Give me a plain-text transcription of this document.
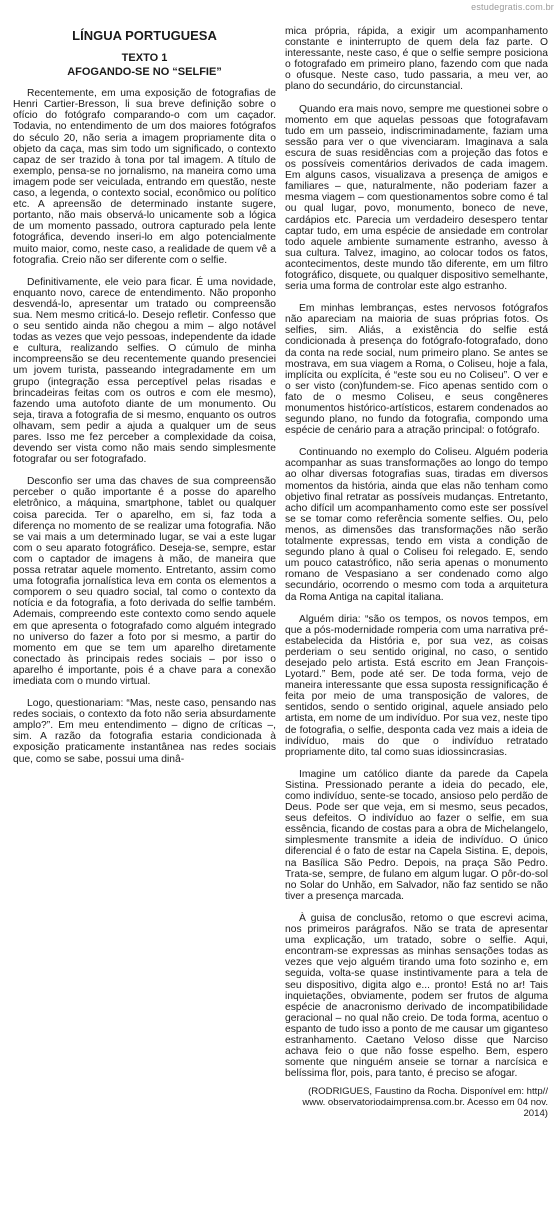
estudegratis.com.br
LÍNGUA PORTUGUESA
TEXTO 1
AFOGANDO-SE NO “SELFIE”

Recentemente, em uma exposição de fotografias de Henri Cartier-Bresson, li sua breve definição sobre o ofício do fotógrafo comparando-o com um caçador. Todavia, no entendimento de um dos maiores fotógrafos do século 20, não seria a imagem propriamente dita o objeto da caça, mas sim todo um significado, o contexto capaz de ser trazido à tona por tal imagem. A título de exemplo, pensa-se no jornalismo, na maneira como uma imagem pode ser veiculada, entrando em questão, neste caso, a legenda, o contexto social, econômico ou político etc. A apreensão de determinado instante sugere, portanto, não mais observá-lo unicamente sob a lógica de um momento passado, outrora capturado pela lente fotográfica, devendo inseri-lo em algo potencialmente muito maior, como, neste caso, a realidade de quem vê a fotografia. Creio não ser diferente com o selfie.

Definitivamente, ele veio para ficar. É uma novidade, enquanto novo, carece de entendimento. Não proponho desvendá-lo, apresentar um tratado ou compreensão sua. Nem mesmo criticá-lo. Desejo refletir. Confesso que o seu sentido ainda não chegou a mim – algo notável todas as vezes que vejo pessoas, independente da idade e cultura, realizando selfies. O cúmulo de minha incompreensão se deu recentemente quando presenciei um jovem turista, passeando integradamente em um grupo (integração essa perceptível pelas risadas e brincadeiras feitas com os outros e com ele mesmo), fazendo uma autofoto diante de um monumento. Ou seja, tirava a fotografia de si mesmo, enquanto os outros olhavam, sem pedir a ajuda a qualquer um de seus pares. Isso me fez perceber a complexidade da coisa, devendo ser vista como não mais sendo simplesmente fotografar ou ser fotografado.

Desconfio ser uma das chaves de sua compreensão perceber o quão importante é a posse do aparelho eletrônico, a máquina, smartphone, tablet ou qualquer coisa parecida. Ter o aparelho, em si, faz toda a diferença no momento de se realizar uma fotografia. Não se vai mais a um determinado lugar, se vai a este lugar com o seu aparato fotográfico. Deseja-se, sempre, estar com o captador de imagens à mão, de maneira que possa retratar aquele momento. Entretanto, assim como uma fotografia jornalística leva em conta os elementos a comporem o seu quadro social, tal como o contexto da notícia e da fotografia, a foto derivada do selfie também. Ademais, compreendo este contexto como sendo aquele em que apresenta o fotografado como alguém integrado no universo do fazer a foto por si mesmo, a partir do momento em que se tem um aparelho diretamente conectado às principais redes sociais – por isso o aparelho é importante, pois é a chave para a conexão imediata com o mundo virtual.

Logo, questionariam: “Mas, neste caso, pensando nas redes sociais, o contexto da foto não seria absurdamente amplo?”. Em meu entendimento – digno de críticas –, sim. A razão da fotografia estaria condicionada à exposição praticamente instantânea nas redes sociais que, como se sabe, possui uma dinâ-

mica própria, rápida, a exigir um acompanhamento constante e ininterrupto de quem dela faz parte. O interessante, neste caso, é que o selfie sempre posiciona o fotografado em primeiro plano, fazendo com que nada o ofusque. Neste caso, tudo passaria, a meu ver, ao plano do secundário, do circunstancial.

Quando era mais novo, sempre me questionei sobre o momento em que aquelas pessoas que fotografavam tudo em um passeio, indiscriminadamente, faziam uma sessão para ver o que vivenciaram. Imaginava a sala escura de suas residências com a projeção das fotos e os possíveis comentários derivados de cada imagem. Em alguns casos, visualizava a presença de amigos e familiares – que, naturalmente, não poderiam fazer a mesma viagem – com questionamentos sobre como é tal ou qual lugar, povo, monumento, boneco de neve, cardápios etc. Parecia um verdadeiro desespero tentar captar tudo, em uma espécie de ansiedade em controlar todo aquele ambiente sumamente estranho, avesso à sua cultura. Talvez, imagino, ao colocar todos os fatos, acontecimentos, deste mundo tão diferente, em um filtro fotográfico, disquete, ou qualquer dispositivo semelhante, seria uma forma de controlar este algo estranho.

Em minhas lembranças, estes nervosos fotógrafos não apareciam na maioria de suas próprias fotos. Os selfies, sim. Aliás, a existência do selfie está condicionada à presença do fotógrafo-fotografado, dono da conta na rede social, num primeiro plano. Se antes se mostrava, em sua viagem a Roma, o Coliseu, hoje a fala, implícita ou explícita, é “este sou eu no Coliseu”. O ver e o ser visto (con)fundem-se. Fico apenas sentido com o fato de o mesmo Coliseu, e seus congêneres monumentos histórico-artísticos, estarem condenados ao segundo plano, no fundo da fotografia, compondo uma espécie de cenário para a atração principal: o fotógrafo.

Continuando no exemplo do Coliseu. Alguém poderia acompanhar as suas transformações ao longo do tempo ao olhar diversas fotografias suas, tiradas em diversos momentos da história, ainda que elas não tenham como objetivo final retratar as possíveis mudanças. Entretanto, acho difícil um acompanhamento como este ser possível se se tomar como referência somente selfies. Ou, pelo menos, as dimensões das transformações não serão totalmente expressas, tendo em vista a condição de segundo plano à qual o Coliseu foi relegado. E, sendo um pouco catastrófico, não seria apenas o monumento romano de Vespasiano a ser condenado como algo secundário, ocorrendo o mesmo com toda a arquitetura da Roma Antiga na capital italiana.

Alguém diria: “são os tempos, os novos tempos, em que a pós-modernidade romperia com uma narrativa pré-estabelecida da História e, por sua vez, as coisas perderiam o seu sentido original, no caso, o sentido desejado pelo artista. Está escrito em Jean François-Lyotard.” Bem, pode até ser. De toda forma, vejo de maneira interessante que essa suposta ressignificação é feita por meio de uma transposição de valores, de sentidos, sendo o sentido original, aquele ansiado pelo artista, em nome de um indivíduo. Por sua vez, neste tipo de fotografia, o selfie, desponta cada vez mais a ideia de indivíduo, mais do que o indivíduo retratado propriamente dito, tal como suas idiossincrasias.

Imagine um católico diante da parede da Capela Sistina. Pressionado perante a ideia do pecado, ele, como indivíduo, sente-se tocado, ansioso pelo perdão de Deus. Pode ser que veja, em si mesmo, seus pecados, seus defeitos. O indivíduo ao fazer o selfie, em sua essência, ficando de costas para a obra de Michelangelo, simplesmente transmite a ideia de indivíduo. O único diferencial é o fato de estar na Capela Sistina. E, depois, na Basílica São Pedro. Depois, na praça São Pedro. Trata-se, sempre, de fulano em algum lugar. O pôr-do-sol no Solar do Unhão, em Salvador, não faz sentido se não tiver a presença marcada.

À guisa de conclusão, retomo o que escrevi acima, nos primeiros parágrafos. Não se trata de apresentar uma explicação, um tratado, sobre o selfie. Aqui, encontram-se expressas as minhas sensações todas as vezes que vejo alguém tirando uma foto sozinho e, em seguida, volta-se quase instintivamente para a tela de seu dispositivo, digita algo e... pronto! Está no ar! Tais inquietações, obviamente, podem ser frutos de alguma espécie de anacronismo derivado de incompatibilidade geracional – no qual não creio. De toda forma, acentuo o espanto de tudo isso a ponto de me causar um giganteso estranhamento. Caetano Veloso disse que Narciso achava feio o que não fosse espelho. Bem, espero somente que ninguém anseie se tornar a narcísica e belíssima flor, pois, para tanto, é preciso se afogar.

(RODRIGUES, Faustino da Rocha. Disponível em: http// www. observatoriodaimprensa.com.br. Acesso em 04 nov. 2014)
